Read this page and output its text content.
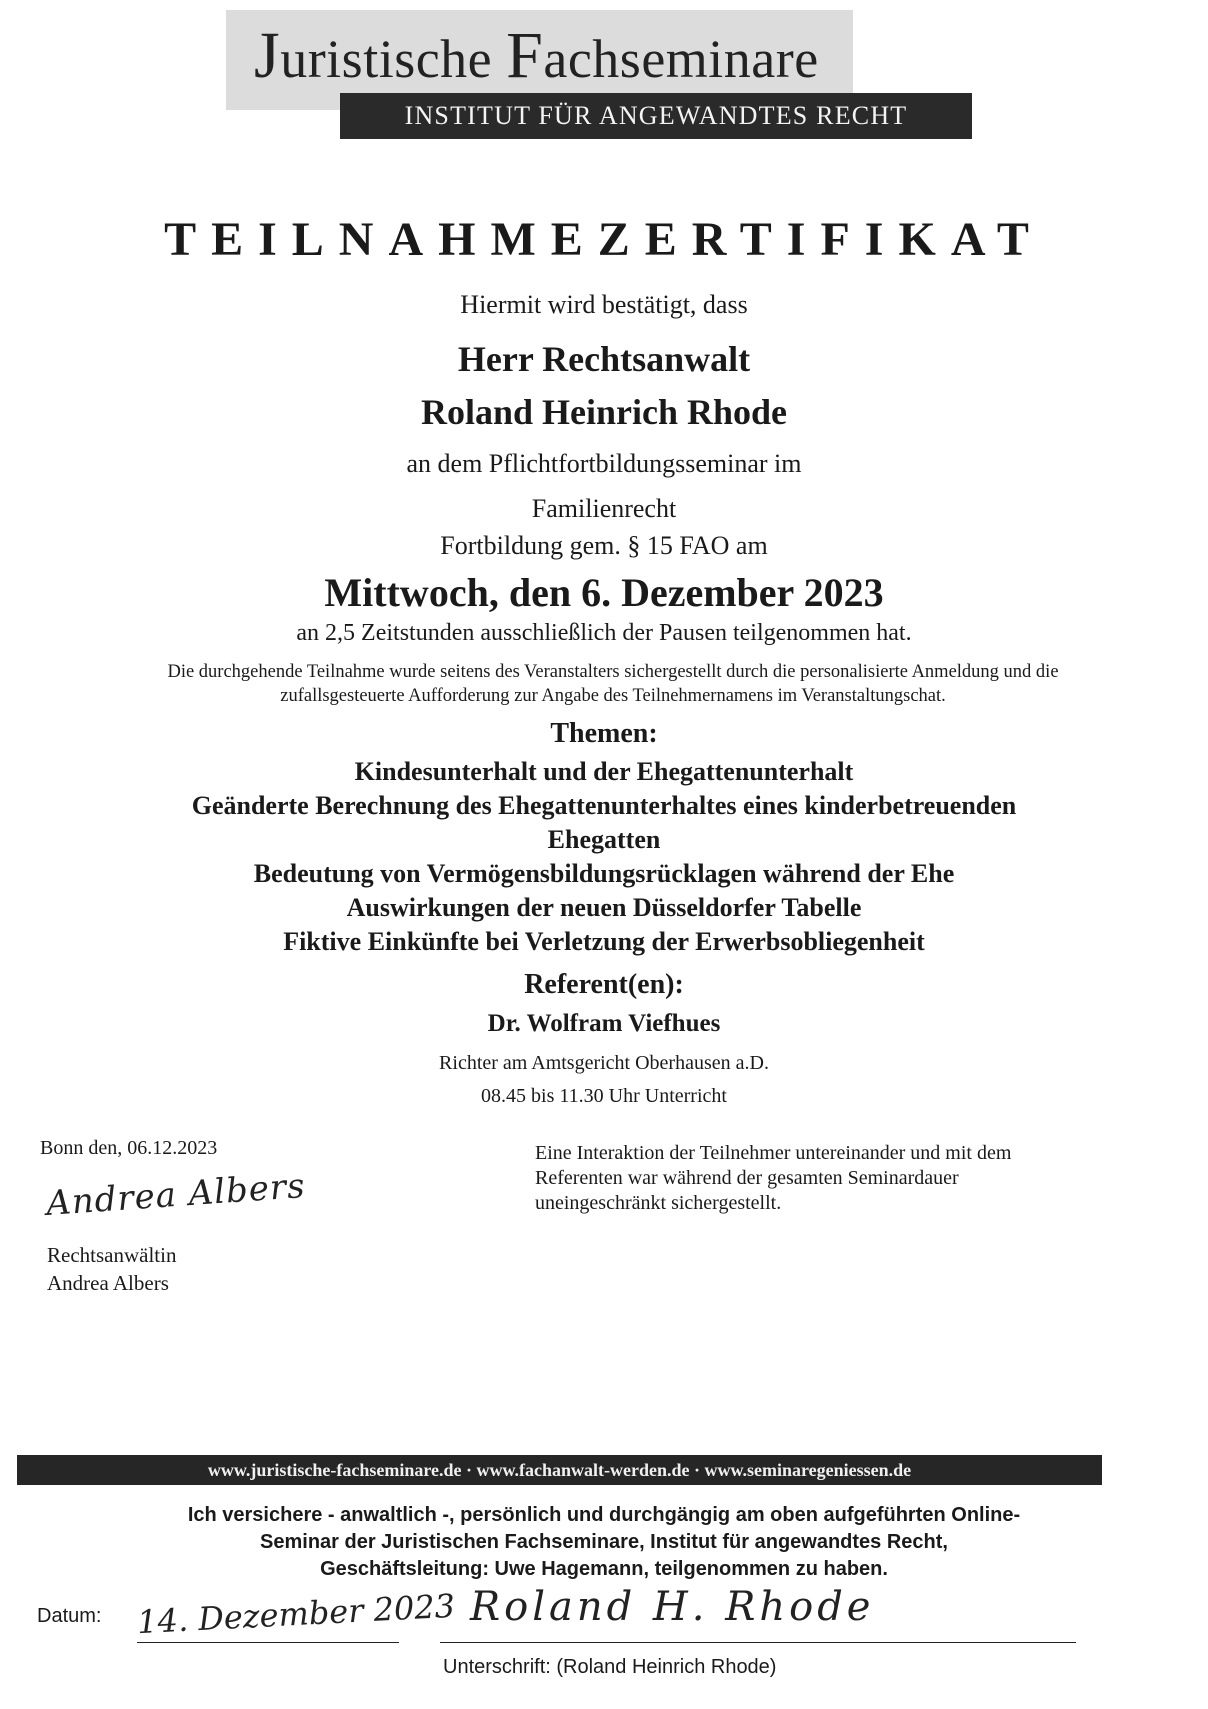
Juristische Fachseminare
INSTITUT FÜR ANGEWANDTES RECHT
TEILNAHMEZERTIFIKAT
Hiermit wird bestätigt, dass
Herr Rechtsanwalt
Roland Heinrich Rhode
an dem Pflichtfortbildungsseminar im
Familienrecht
Fortbildung gem. § 15 FAO am
Mittwoch, den 6. Dezember 2023
an 2,5 Zeitstunden ausschließlich der Pausen teilgenommen hat.
Die durchgehende Teilnahme wurde seitens des Veranstalters sichergestellt durch die personalisierte Anmeldung und die
zufallsgesteuerte Aufforderung zur Angabe des Teilnehmernamens im Veranstaltungschat.
Themen:
Kindesunterhalt und der Ehegattenunterhalt
Geänderte Berechnung des Ehegattenunterhaltes eines kinderbetreuenden
Ehegatten
Bedeutung von Vermögensbildungsrücklagen während der Ehe
Auswirkungen der neuen Düsseldorfer Tabelle
Fiktive Einkünfte bei Verletzung der Erwerbsobliegenheit
Referent(en):
Dr. Wolfram Viefhues
Richter am Amtsgericht Oberhausen a.D.
08.45 bis 11.30 Uhr Unterricht
Bonn den, 06.12.2023
Andrea Albers
Rechtsanwältin
Andrea Albers
Eine Interaktion der Teilnehmer untereinander und mit dem
Referenten war während der gesamten Seminardauer
uneingeschränkt sichergestellt.
www.juristische-fachseminare.de · www.fachanwalt-werden.de · www.seminaregeniessen.de
Ich versichere - anwaltlich -, persönlich und durchgängig am oben aufgeführten Online-
Seminar der Juristischen Fachseminare, Institut für angewandtes Recht,
Geschäftsleitung: Uwe Hagemann, teilgenommen zu haben.
Datum: 14. Dezember 2023 Roland H. Rhode
Unterschrift: (Roland Heinrich Rhode)
